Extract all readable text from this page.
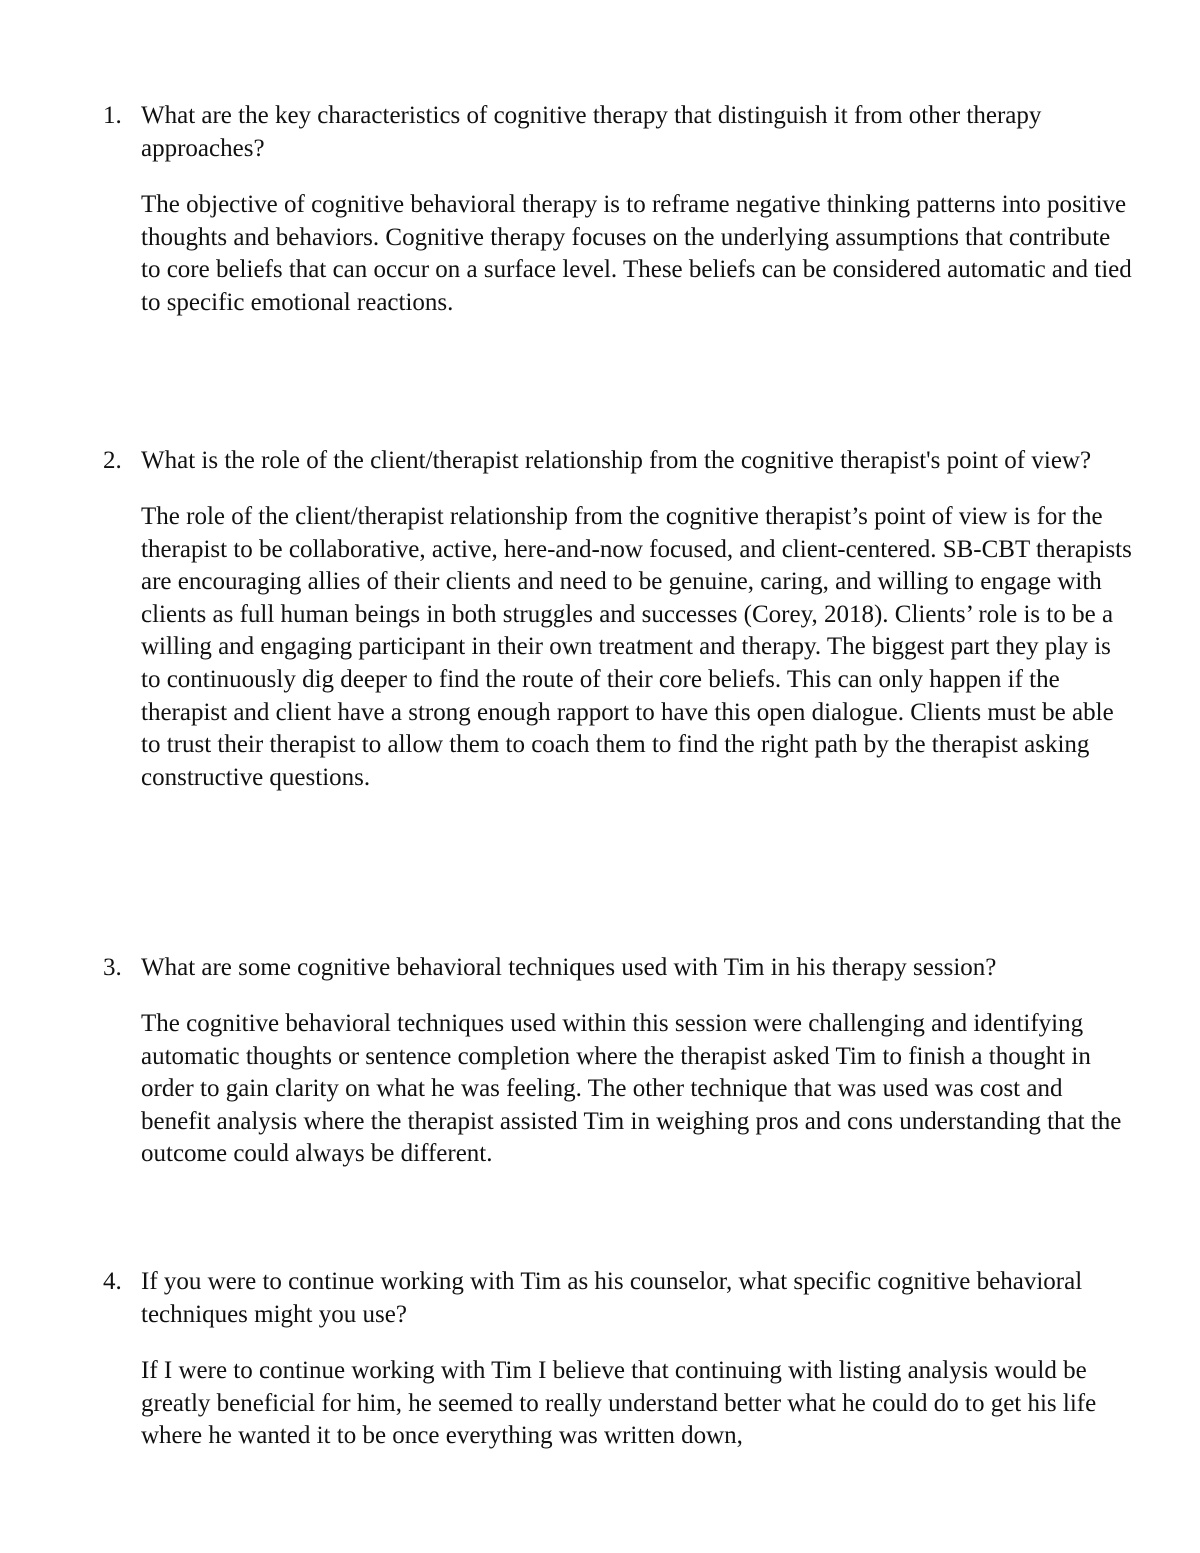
1. What are the key characteristics of cognitive therapy that distinguish it from other therapy approaches?

The objective of cognitive behavioral therapy is to reframe negative thinking patterns into positive thoughts and behaviors. Cognitive therapy focuses on the underlying assumptions that contribute to core beliefs that can occur on a surface level. These beliefs can be considered automatic and tied to specific emotional reactions.

2. What is the role of the client/therapist relationship from the cognitive therapist's point of view?

The role of the client/therapist relationship from the cognitive therapist’s point of view is for the therapist to be collaborative, active, here-and-now focused, and client-centered. SB-CBT therapists are encouraging allies of their clients and need to be genuine, caring, and willing to engage with clients as full human beings in both struggles and successes (Corey, 2018). Clients’ role is to be a willing and engaging participant in their own treatment and therapy. The biggest part they play is to continuously dig deeper to find the route of their core beliefs. This can only happen if the therapist and client have a strong enough rapport to have this open dialogue. Clients must be able to trust their therapist to allow them to coach them to find the right path by the therapist asking constructive questions.

3. What are some cognitive behavioral techniques used with Tim in his therapy session?

The cognitive behavioral techniques used within this session were challenging and identifying automatic thoughts or sentence completion where the therapist asked Tim to finish a thought in order to gain clarity on what he was feeling. The other technique that was used was cost and benefit analysis where the therapist assisted Tim in weighing pros and cons understanding that the outcome could always be different.

4. If you were to continue working with Tim as his counselor, what specific cognitive behavioral techniques might you use?

If I were to continue working with Tim I believe that continuing with listing analysis would be greatly beneficial for him, he seemed to really understand better what he could do to get his life where he wanted it to be once everything was written down,
